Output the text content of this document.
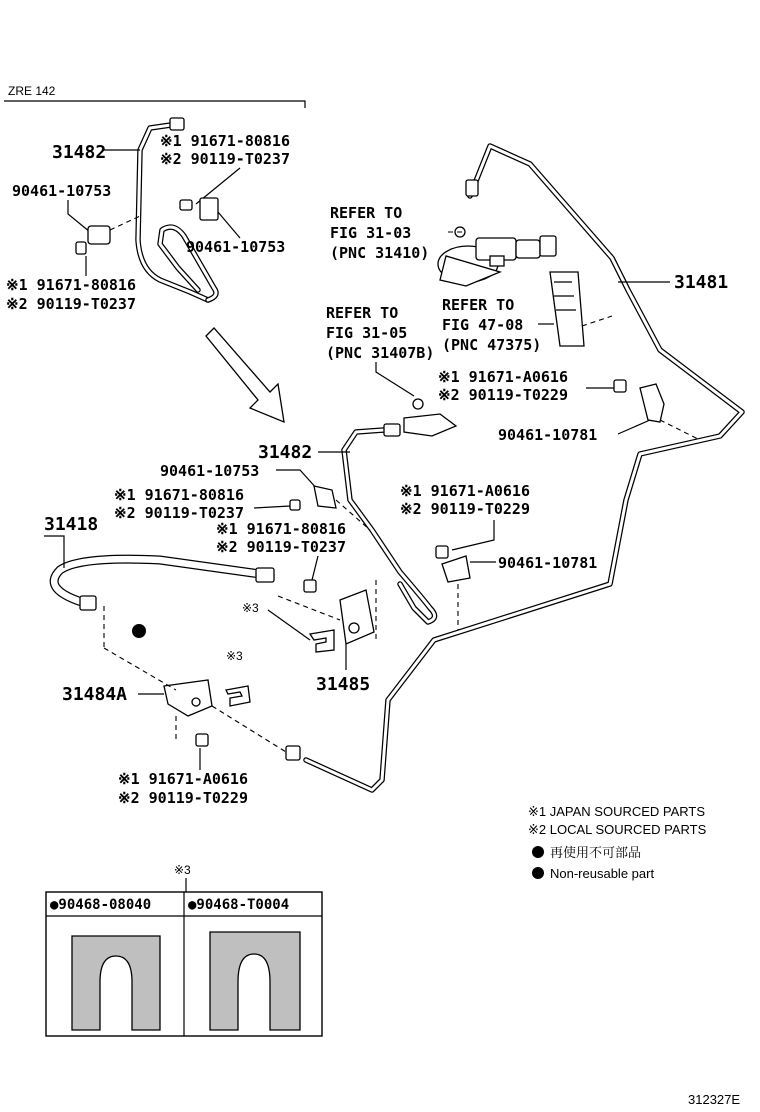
ZRE 142
31482
※1 91671-80816
※2 90119-T0237
90461-10753
90461-10753
※1 91671-80816
※2 90119-T0237
31481
REFER TO
FIG 31-03
(PNC 31410)
REFER TO
FIG 47-08
(PNC 47375)
REFER TO
FIG 31-05
(PNC 31407B)
31482
※1 91671-A0616
※2 90119-T0229
90461-10781
90461-10753
※1 91671-80816
※2 90119-T0237
※1 91671-A0616
※2 90119-T0229
90461-10781
31418	※1 91671-80816
※2 90119-T0237
31485
※3
31484A
※3
※1 91671-A0616
※2 90119-T0229
※1 JAPAN SOURCED PARTS
※2 LOCAL SOURCED PARTS
再使用不可部品
Non-reusable part
※3
●90468-08040	●90468-T0004
312327E
